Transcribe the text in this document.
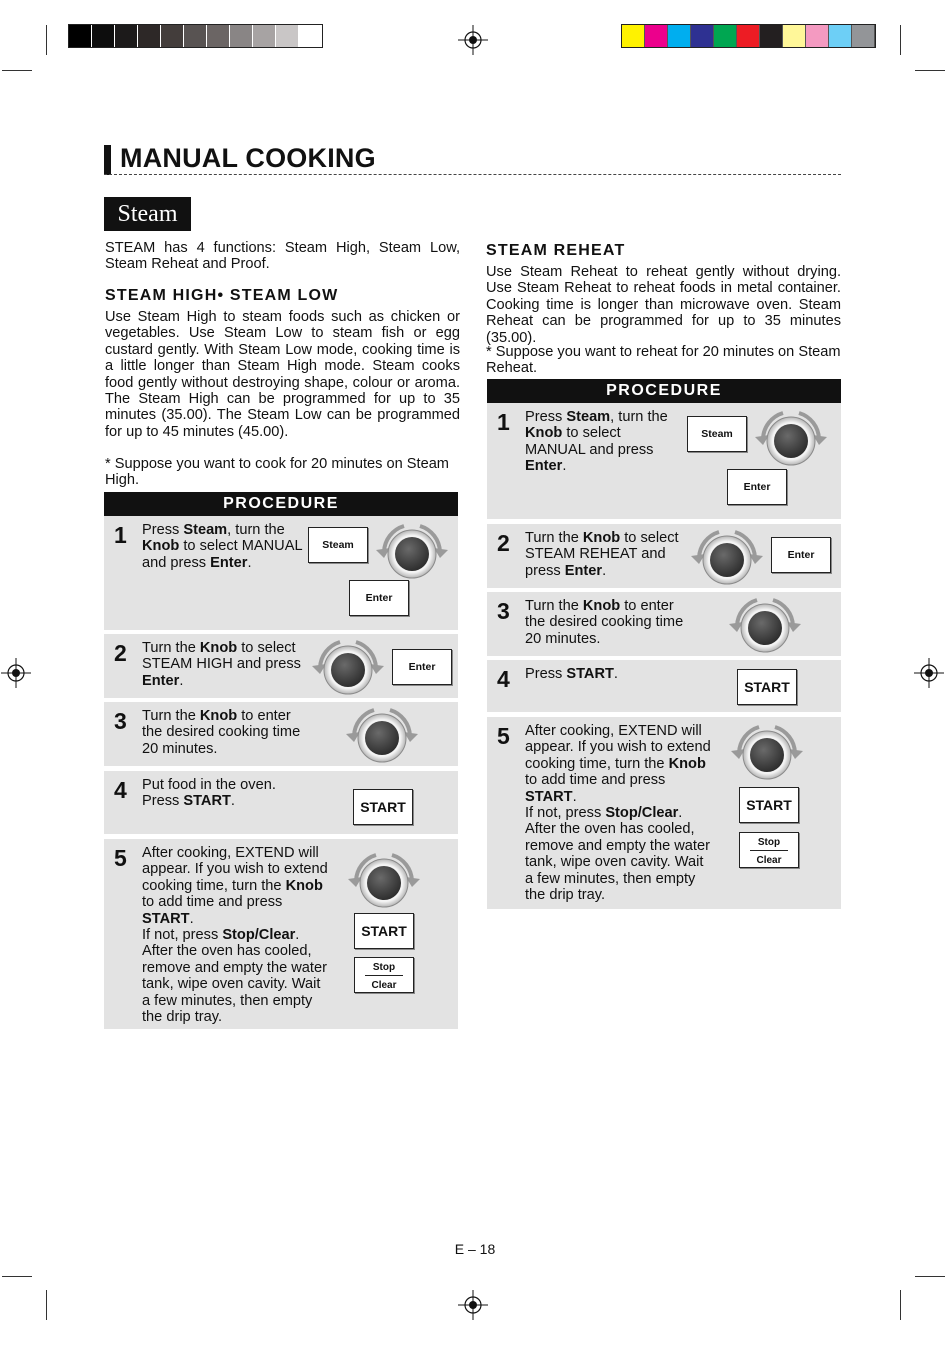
MANUAL COOKING
Steam

STEAM has 4 functions: Steam High, Steam Low, Steam Reheat and Proof.

STEAM HIGH• STEAM LOW

Use Steam High to steam foods such as chicken or vegetables. Use Steam Low to steam fish or egg custard gently. With Steam Low mode, cooking time is a little longer than Steam High mode. Steam cooks food gently without destroying shape, colour or aroma. The Steam High can be programmed for up to 35 minutes (35.00). The Steam Low can be programmed for up to 45 minutes (45.00).

* Suppose you want to cook for 20 minutes on Steam High.

PROCEDURE
1 Press Steam, turn the Knob to select MANUAL and press Enter.

Steam
Enter
2 Turn the Knob to select STEAM HIGH and press Enter.

Enter
3 Turn the Knob to enter the desired cooking time 20 minutes.

4 Put food in the oven. Press START.	START
5 After cooking, EXTEND will appear. If you wish to extend cooking time, turn the Knob to add time and press START.
If not, press Stop/Clear. After the oven has cooled, remove and empty the water tank, wipe oven cavity. Wait a few minutes, then empty the drip tray.

START
Stop
Clear

STEAM REHEAT

Use Steam Reheat to reheat gently without drying. Use Steam Reheat to reheat foods in metal container. Cooking time is longer than microwave oven. Steam Reheat can be programmed for up to 35 minutes (35.00).

* Suppose you want to reheat for 20 minutes on Steam Reheat.

PROCEDURE
1 Press Steam, turn the Knob to select MANUAL and press Enter.

Steam
Enter
2 Turn the Knob to select STEAM REHEAT and press Enter.

Enter
3 Turn the Knob to enter the desired cooking time 20 minutes.

4 Press START.

START
5 After cooking, EXTEND will appear. If you wish to extend cooking time, turn the Knob to add time and press START.
If not, press Stop/Clear. After the oven has cooled, remove and empty the water tank, wipe oven cavity. Wait a few minutes, then empty the drip tray.

START
Stop
Clear
E – 18
